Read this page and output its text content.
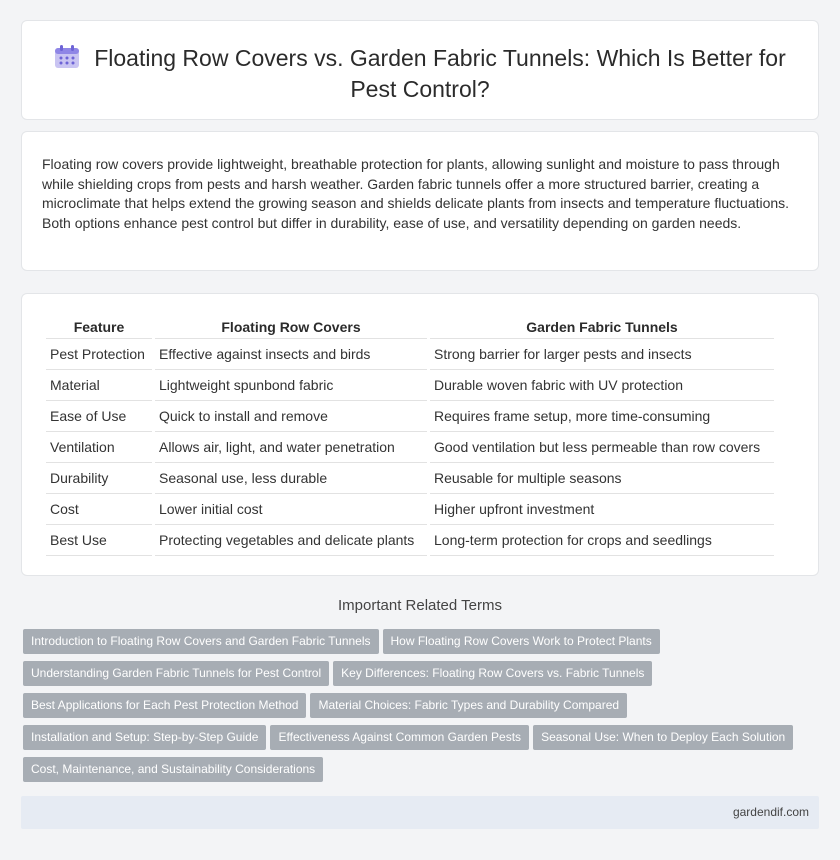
Floating Row Covers vs. Garden Fabric Tunnels: Which Is Better for Pest Control?

Floating row covers provide lightweight, breathable protection for plants, allowing sunlight and moisture to pass through while shielding crops from pests and harsh weather. Garden fabric tunnels offer a more structured barrier, creating a microclimate that helps extend the growing season and shields delicate plants from insects and temperature fluctuations. Both options enhance pest control but differ in durability, ease of use, and versatility depending on garden needs.

Feature	Floating Row Covers	Garden Fabric Tunnels
Pest Protection	Effective against insects and birds	Strong barrier for larger pests and insects
Material	Lightweight spunbond fabric	Durable woven fabric with UV protection
Ease of Use	Quick to install and remove	Requires frame setup, more time-consuming
Ventilation	Allows air, light, and water penetration	Good ventilation but less permeable than row covers
Durability	Seasonal use, less durable	Reusable for multiple seasons
Cost	Lower initial cost	Higher upfront investment
Best Use	Protecting vegetables and delicate plants	Long-term protection for crops and seedlings
Important Related Terms
Introduction to Floating Row Covers and Garden Fabric Tunnels How Floating Row Covers Work to Protect Plants
Understanding Garden Fabric Tunnels for Pest Control Key Differences: Floating Row Covers vs. Fabric Tunnels
Best Applications for Each Pest Protection Method Material Choices: Fabric Types and Durability Compared
Installation and Setup: Step-by-Step Guide Effectiveness Against Common Garden Pests Seasonal Use: When to Deploy Each Solution
Cost, Maintenance, and Sustainability Considerations
gardendif.com
